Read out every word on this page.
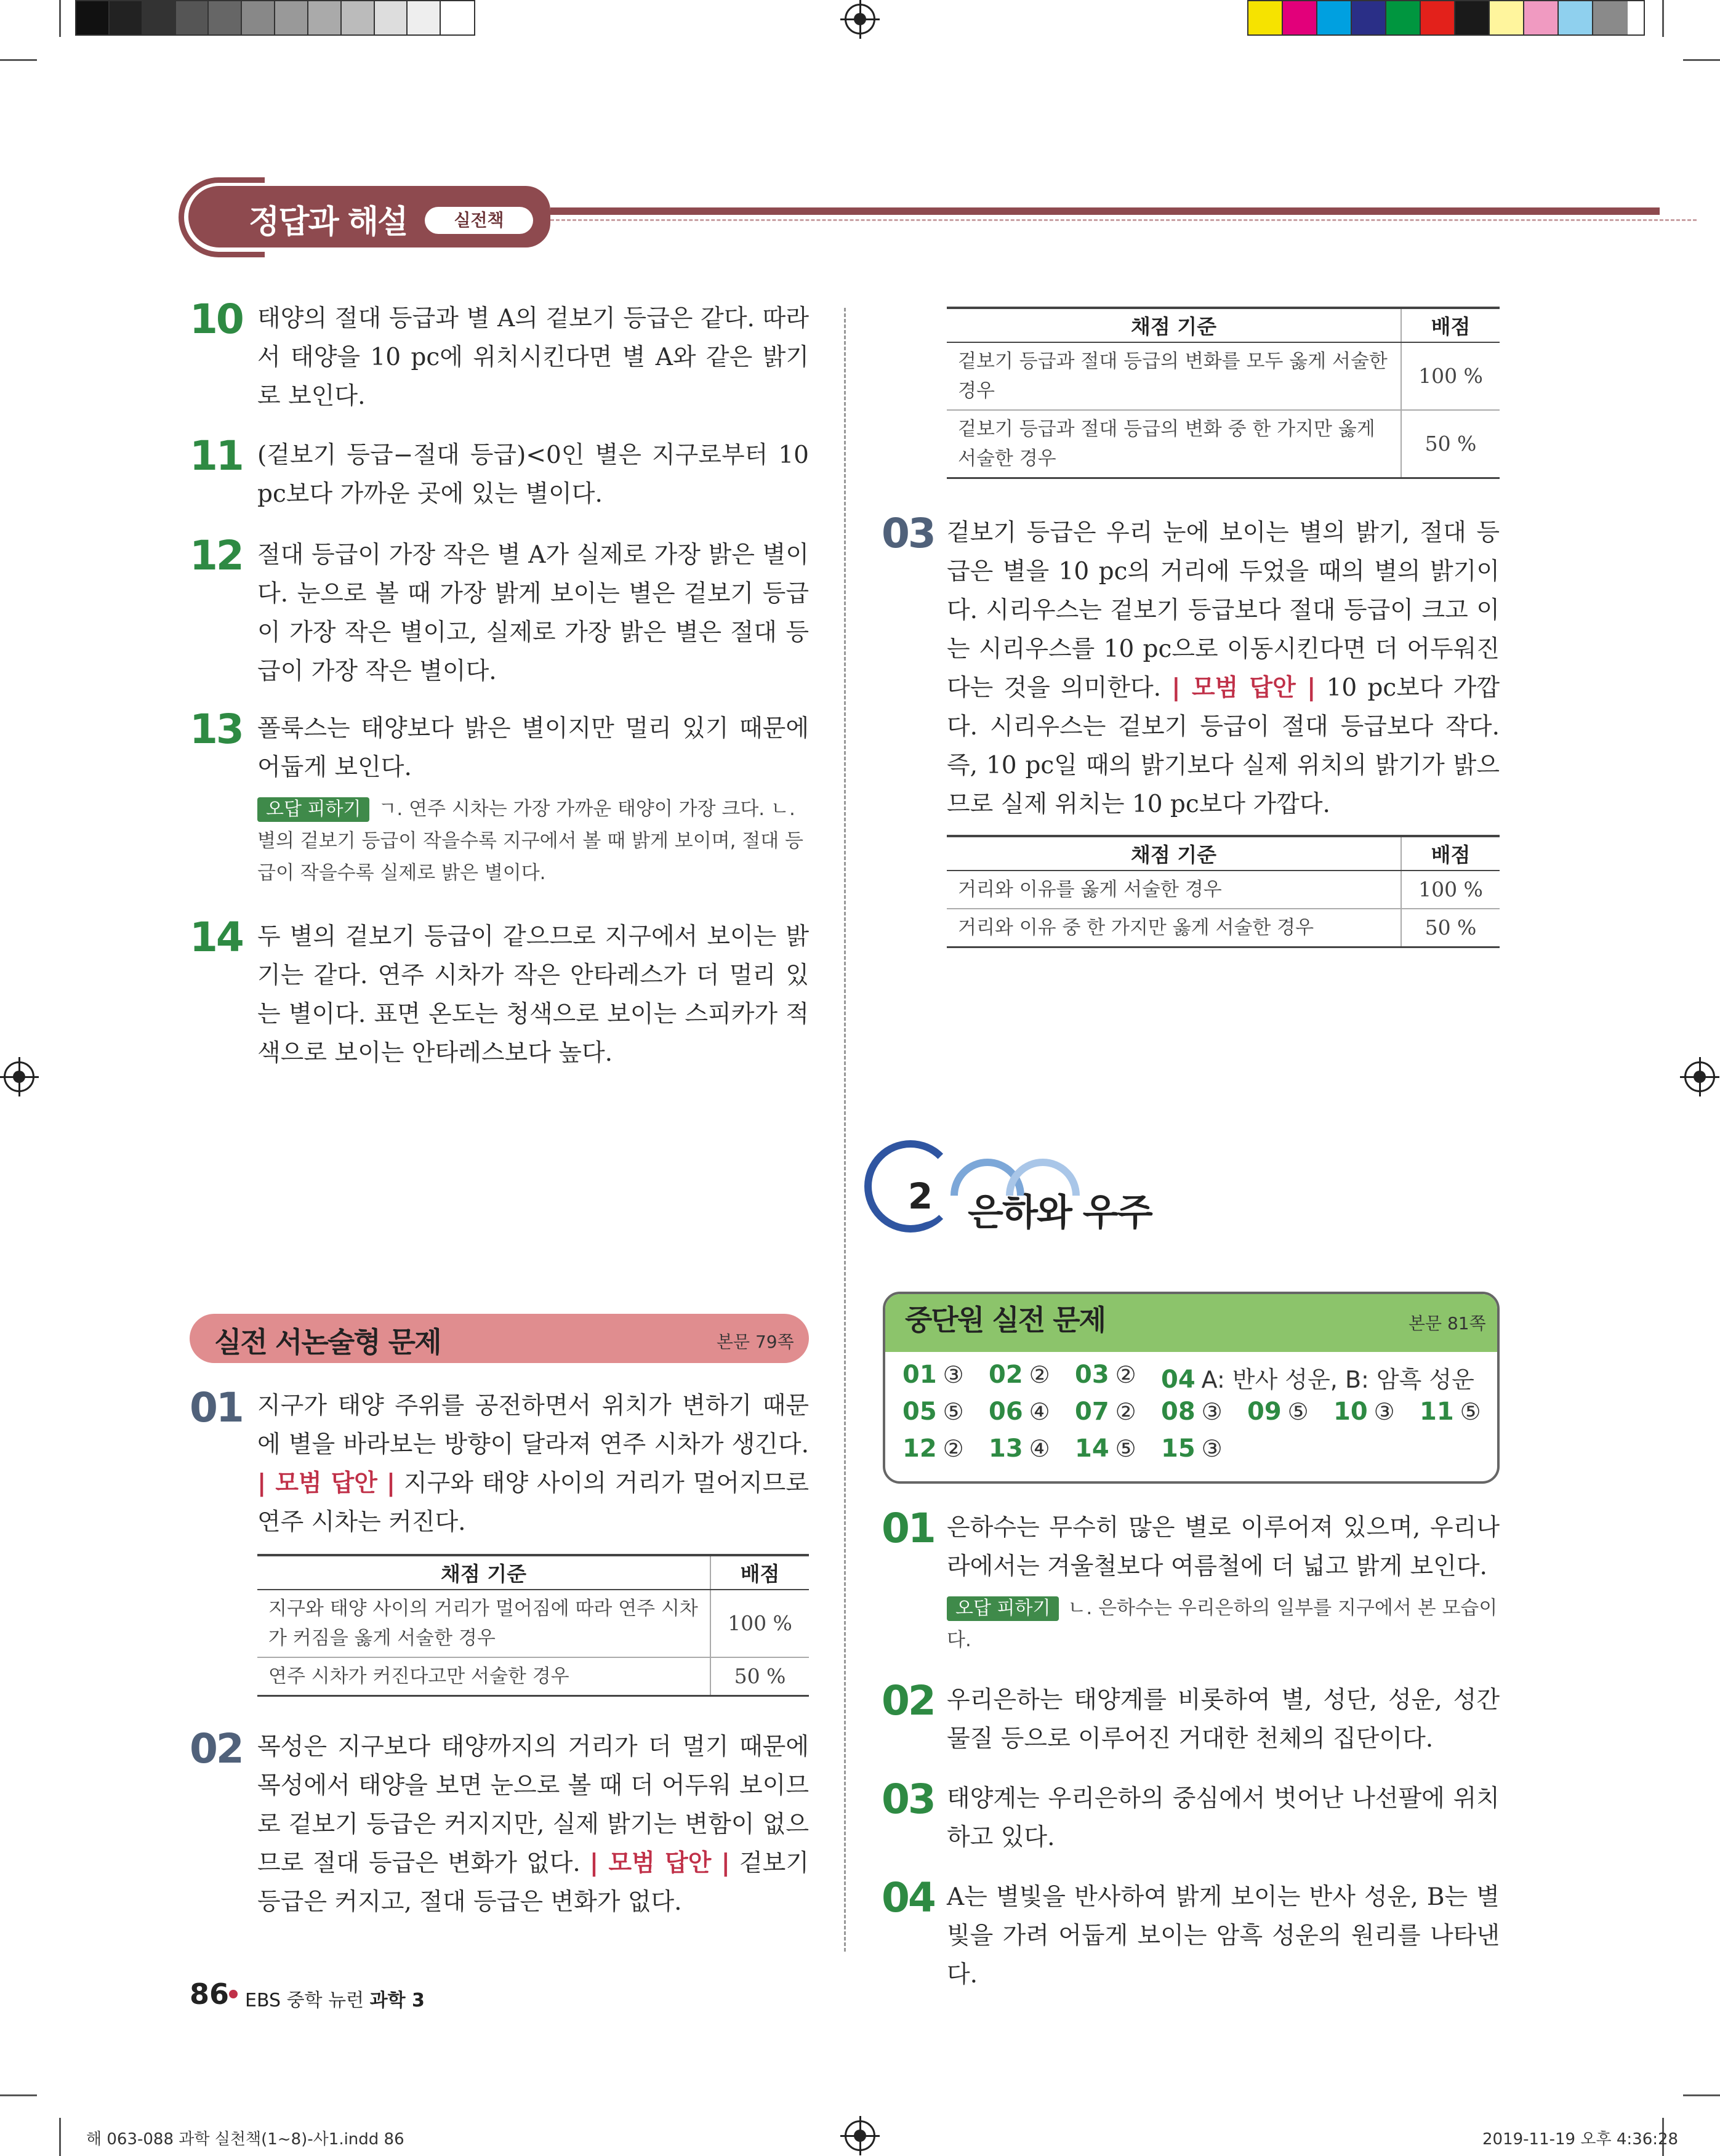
정답과 해설	실전책
10 태양의 절대 등급과 별 A의 겉보기 등급은 같다. 따라서 태양을 10 pc에 위치시킨다면 별 A와 같은 밝기로 보인다.
11 (겉보기 등급−절대 등급)<0인 별은 지구로부터 10 pc보다 가까운 곳에 있는 별이다.
12 절대 등급이 가장 작은 별 A가 실제로 가장 밝은 별이다. 눈으로 볼 때 가장 밝게 보이는 별은 겉보기 등급이 가장 작은 별이고, 실제로 가장 밝은 별은 절대 등급이 가장 작은 별이다.
13 폴룩스는 태양보다 밝은 별이지만 멀리 있기 때문에 어둡게 보인다.
오답 피하기 ㄱ. 연주 시차는 가장 가까운 태양이 가장 크다. ㄴ. 별의 겉보기 등급이 작을수록 지구에서 볼 때 밝게 보이며, 절대 등급이 작을수록 실제로 밝은 별이다.
14 두 별의 겉보기 등급이 같으므로 지구에서 보이는 밝기는 같다. 연주 시차가 작은 안타레스가 더 멀리 있는 별이다. 표면 온도는 청색으로 보이는 스피카가 적색으로 보이는 안타레스보다 높다.
실전 서논술형 문제	본문 79쪽
01 지구가 태양 주위를 공전하면서 위치가 변하기 때문에 별을 바라보는 방향이 달라져 연주 시차가 생긴다. | 모범 답안 | 지구와 태양 사이의 거리가 멀어지므로 연주 시차는 커진다.
채점 기준	배점
지구와 태양 사이의 거리가 멀어짐에 따라 연주 시차가 커짐을 옳게 서술한 경우	100 %
연주 시차가 커진다고만 서술한 경우	50 %
02 목성은 지구보다 태양까지의 거리가 더 멀기 때문에 목성에서 태양을 보면 눈으로 볼 때 더 어두워 보이므로 겉보기 등급은 커지지만, 실제 밝기는 변함이 없으므로 절대 등급은 변화가 없다. | 모범 답안 | 겉보기 등급은 커지고, 절대 등급은 변화가 없다.
채점 기준	배점
겉보기 등급과 절대 등급의 변화를 모두 옳게 서술한 경우	100 %
겉보기 등급과 절대 등급의 변화 중 한 가지만 옳게 서술한 경우	50 %
03 겉보기 등급은 우리 눈에 보이는 별의 밝기, 절대 등급은 별을 10 pc의 거리에 두었을 때의 별의 밝기이다. 시리우스는 겉보기 등급보다 절대 등급이 크고 이는 시리우스를 10 pc으로 이동시킨다면 더 어두워진다는 것을 의미한다. | 모범 답안 | 10 pc보다 가깝다. 시리우스는 겉보기 등급이 절대 등급보다 작다. 즉, 10 pc일 때의 밝기보다 실제 위치의 밝기가 밝으므로 실제 위치는 10 pc보다 가깝다.
채점 기준	배점
거리와 이유를 옳게 서술한 경우	100 %
거리와 이유 중 한 가지만 옳게 서술한 경우	50 %
2 은하와 우주
중단원 실전 문제	본문 81쪽
01 ③ 02 ② 03 ② 04 A: 반사 성운, B: 암흑 성운
05 ⑤ 06 ④ 07 ② 08 ③ 09 ⑤ 10 ③ 11 ⑤
12 ② 13 ④ 14 ⑤ 15 ③
01 은하수는 무수히 많은 별로 이루어져 있으며, 우리나라에서는 겨울철보다 여름철에 더 넓고 밝게 보인다.
오답 피하기 ㄴ. 은하수는 우리은하의 일부를 지구에서 본 모습이다.
02 우리은하는 태양계를 비롯하여 별, 성단, 성운, 성간 물질 등으로 이루어진 거대한 천체의 집단이다.
03 태양계는 우리은하의 중심에서 벗어난 나선팔에 위치하고 있다.
04 A는 별빛을 반사하여 밝게 보이는 반사 성운, B는 별빛을 가려 어둡게 보이는 암흑 성운의 원리를 나타낸다.
86 EBS 중학 뉴런 과학 3
해 063-088 과학 실천책(1~8)-사1.indd 86	2019-11-19 오후 4:36:28
